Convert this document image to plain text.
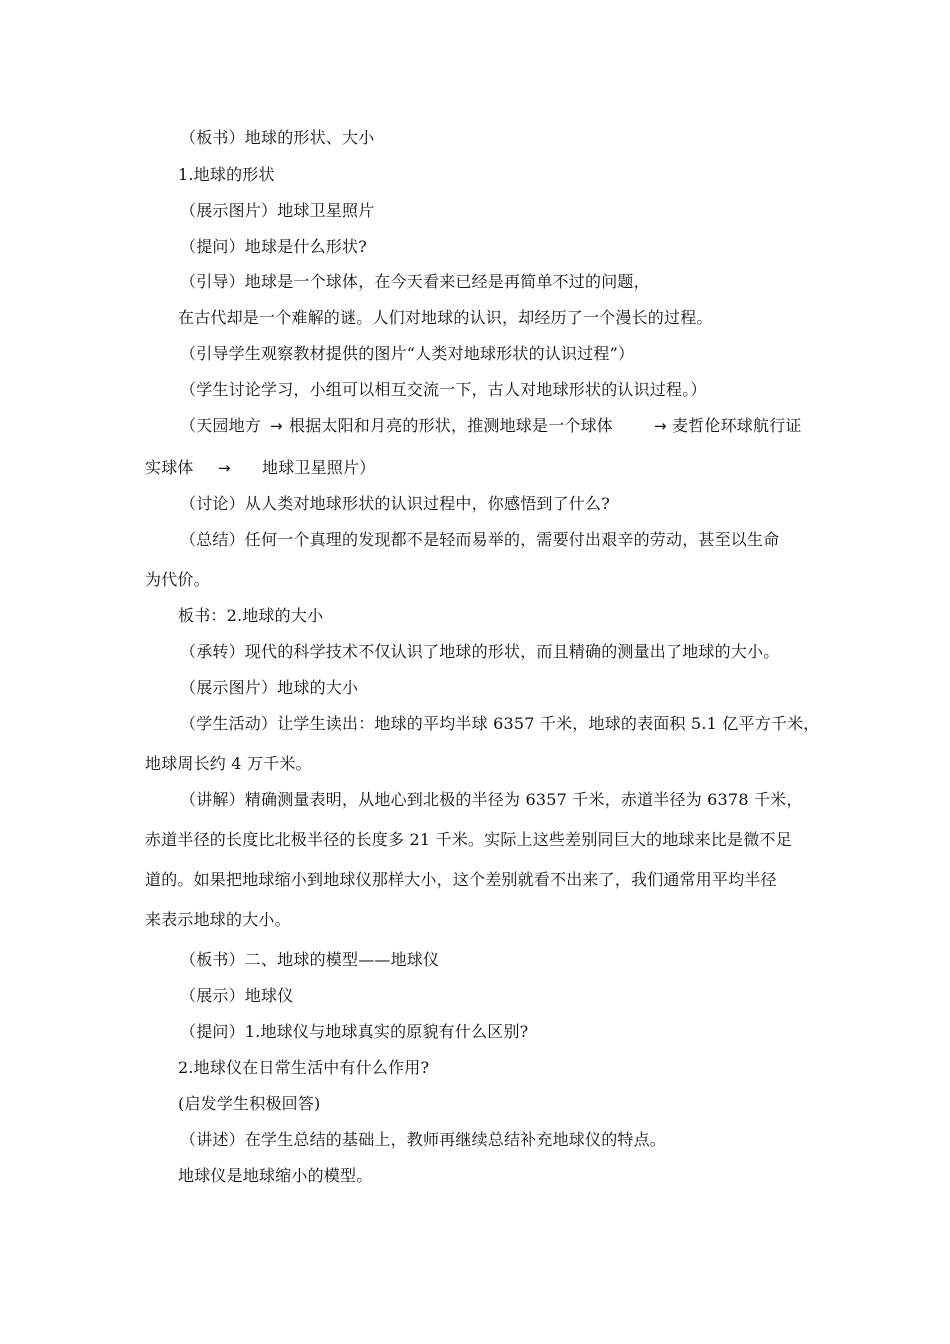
（板书）地球的形状、大小
1.地球的形状
（展示图片）地球卫星照片
（提问）地球是什么形状?
（引导）地球是一个球体，在今天看来已经是再简单不过的问题，
在古代却是一个难解的谜。人们对地球的认识，却经历了一个漫长的过程。
（引导学生观察教材提供的图片“人类对地球形状的认识过程”）
（学生讨论学习，小组可以相互交流一下，古人对地球形状的认识过程。）
（天园地方 → 根据太阳和月亮的形状，推测地球是一个球体	→ 麦哲伦环球航行证
实球体 → 地球卫星照片）
（讨论）从人类对地球形状的认识过程中，你感悟到了什么?
（总结）任何一个真理的发现都不是轻而易举的，需要付出艰辛的劳动，甚至以生命
为代价。
板书：2.地球的大小
（承转）现代的科学技术不仅认识了地球的形状，而且精确的测量出了地球的大小。
（展示图片）地球的大小
（学生活动）让学生读出：地球的平均半球 6357 千米，地球的表面积 5.1 亿平方千米，
地球周长约 4 万千米。
（讲解）精确测量表明，从地心到北极的半径为 6357 千米，赤道半径为 6378 千米，
赤道半径的长度比北极半径的长度多 21 千米。实际上这些差别同巨大的地球来比是微不足
道的。如果把地球缩小到地球仪那样大小，这个差别就看不出来了，我们通常用平均半径
来表示地球的大小。
（板书）二、地球的模型——地球仪
（展示）地球仪
（提问）1.地球仪与地球真实的原貌有什么区别?
2.地球仪在日常生活中有什么作用?
(启发学生积极回答)
（讲述）在学生总结的基础上，教师再继续总结补充地球仪的特点。
地球仪是地球缩小的模型。
